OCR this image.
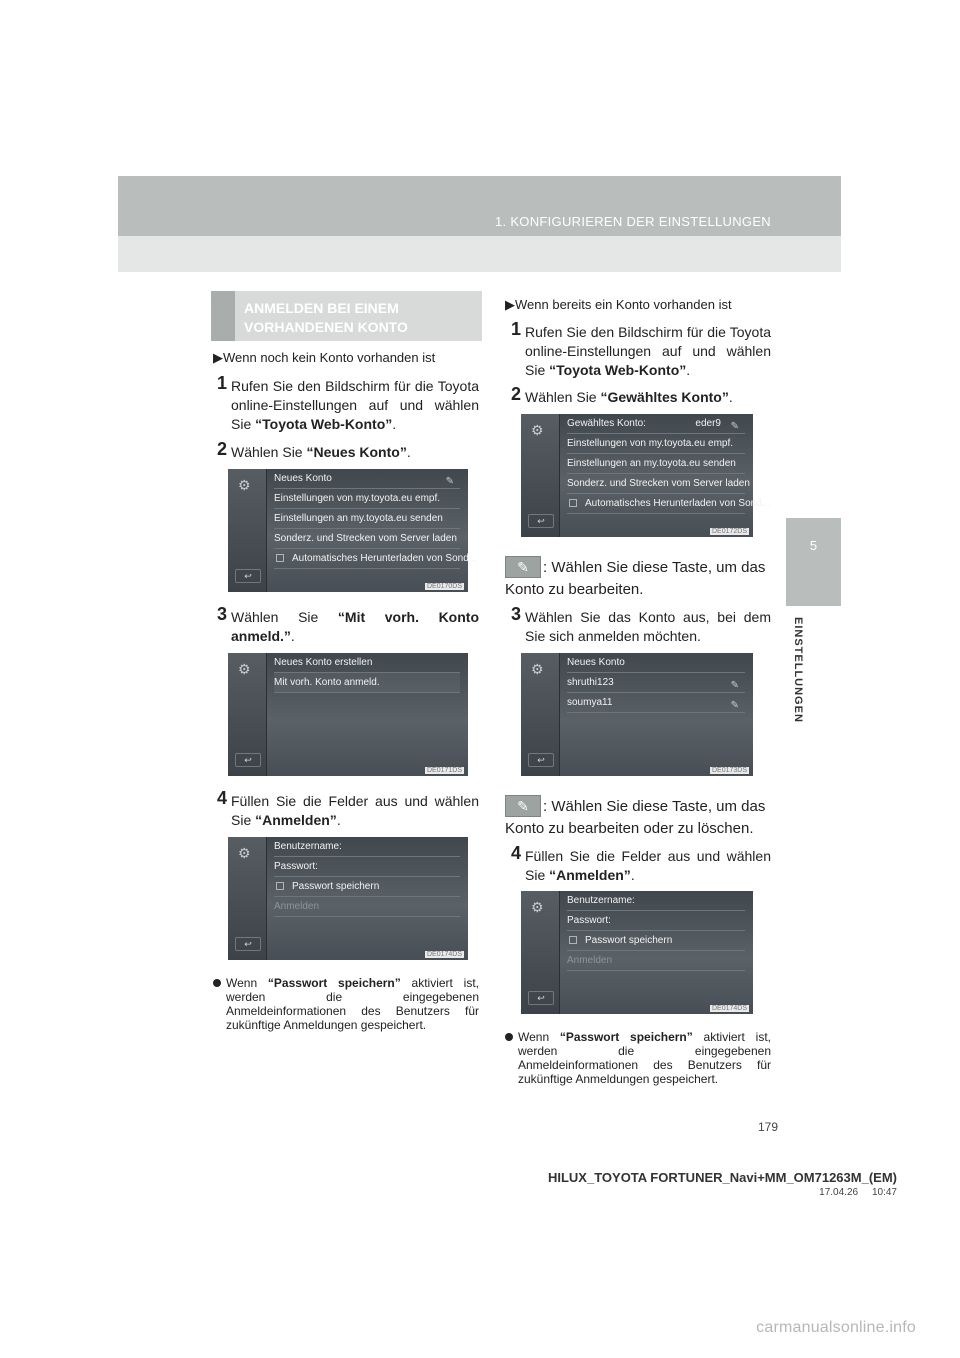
1. KONFIGURIEREN DER EINSTELLUNGEN
5
EINSTELLUNGEN
ANMELDEN BEI EINEM
VORHANDENEN KONTO
▶Wenn noch kein Konto vorhanden ist
1 Rufen Sie den Bildschirm für die Toyota online-Einstellungen auf und wählen Sie “Toyota Web-Konto”.
2 Wählen Sie “Neues Konto”.
⚙
↩
Neues Konto	✎
Einstellungen von my.toyota.eu empf.
Einstellungen an my.toyota.eu senden
Sonderz. und Strecken vom Server laden
Automatisches Herunterladen von Sond...
DE0170DS
3 Wählen Sie “Mit vorh. Konto anmeld.”.
⚙
↩
Neues Konto erstellen
Mit vorh. Konto anmeld.
DE0171DS
4 Füllen Sie die Felder aus und wählen Sie “Anmelden”.
⚙
↩
Benutzername:
Passwort:
Passwort speichern
Anmelden
DE0174DS
Wenn “Passwort speichern” aktiviert ist, werden die eingegebenen Anmeldeinformationen des Benutzers für zukünftige Anmeldungen gespeichert.
▶Wenn bereits ein Konto vorhanden ist
1 Rufen Sie den Bildschirm für die Toyota online-Einstellungen auf und wählen Sie “Toyota Web-Konto”.
2 Wählen Sie “Gewähltes Konto”.
⚙
↩
Gewähltes Konto:	eder9 ✎
Einstellungen von my.toyota.eu empf.
Einstellungen an my.toyota.eu senden
Sonderz. und Strecken vom Server laden
Automatisches Herunterladen von Sond...
DE0172DS
✎ : Wählen Sie diese Taste, um das Konto zu bearbeiten.
3 Wählen Sie das Konto aus, bei dem Sie sich anmelden möchten.
⚙
↩
Neues Konto
shruthi123	✎
soumya11	✎
DE0173DS
✎ : Wählen Sie diese Taste, um das Konto zu bearbeiten oder zu löschen.
4 Füllen Sie die Felder aus und wählen Sie “Anmelden”.
⚙
↩
Benutzername:
Passwort:
Passwort speichern
Anmelden
DE0174DS
Wenn “Passwort speichern” aktiviert ist, werden die eingegebenen Anmeldeinformationen des Benutzers für zukünftige Anmeldungen gespeichert.
179
HILUX_TOYOTA FORTUNER_Navi+MM_OM71263M_(EM)
17.04.26     10:47
carmanualsonline.info
